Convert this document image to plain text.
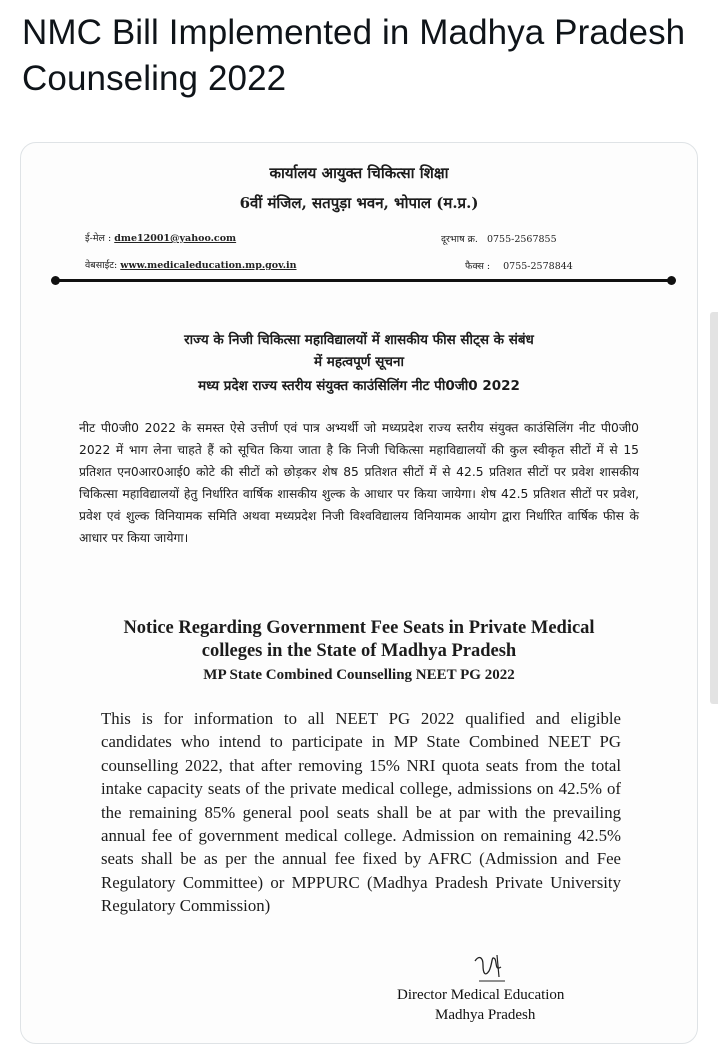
NMC Bill Implemented in Madhya Pradesh Counseling 2022
कार्यालय आयुक्त चिकित्सा शिक्षा
6वीं मंजिल, सतपुड़ा भवन, भोपाल (म.प्र.)
ई-मेल : dme12001@yahoo.com
वेबसाईट: www.medicaleducation.mp.gov.in
दूरभाष क्र. 0755-2567855
फैक्स : 0755-2578844
राज्य के निजी चिकित्सा महाविद्यालयों में शासकीय फीस सीट्स के संबंध
में महत्वपूर्ण सूचना
मध्य प्रदेश राज्य स्तरीय संयुक्त काउंसिलिंग नीट पी0जी0 2022
नीट पी0जी0 2022 के समस्त ऐसे उत्तीर्ण एवं पात्र अभ्यर्थी जो मध्यप्रदेश राज्य स्तरीय संयुक्त काउंसिलिंग नीट पी0जी0 2022 में भाग लेना चाहते हैं को सूचित किया जाता है कि निजी चिकित्सा महाविद्यालयों की कुल स्वीकृत सीटों में से 15 प्रतिशत एन0आर0आई0 कोटे की सीटों को छोड़कर शेष 85 प्रतिशत सीटों में से 42.5 प्रतिशत सीटों पर प्रवेश शासकीय चिकित्सा महाविद्यालयों हेतु निर्धारित वार्षिक शासकीय शुल्क के आधार पर किया जायेगा। शेष 42.5 प्रतिशत सीटों पर प्रवेश, प्रवेश एवं शुल्क विनियामक समिति अथवा मध्यप्रदेश निजी विश्वविद्यालय विनियामक आयोग द्वारा निर्धारित वार्षिक फीस के आधार पर किया जायेगा।
Notice Regarding Government Fee Seats in Private Medical
colleges in the State of Madhya Pradesh
MP State Combined Counselling NEET PG 2022
This is for information to all NEET PG 2022 qualified and eligible candidates who intend to participate in MP State Combined NEET PG counselling 2022, that after removing 15% NRI quota seats from the total intake capacity seats of the private medical college, admissions on 42.5% of the remaining 85% general pool seats shall be at par with the prevailing annual fee of government medical college. Admission on remaining 42.5% seats shall be as per the annual fee fixed by AFRC (Admission and Fee Regulatory Committee) or MPPURC (Madhya Pradesh Private University Regulatory Commission)
Director Medical Education
Madhya Pradesh
